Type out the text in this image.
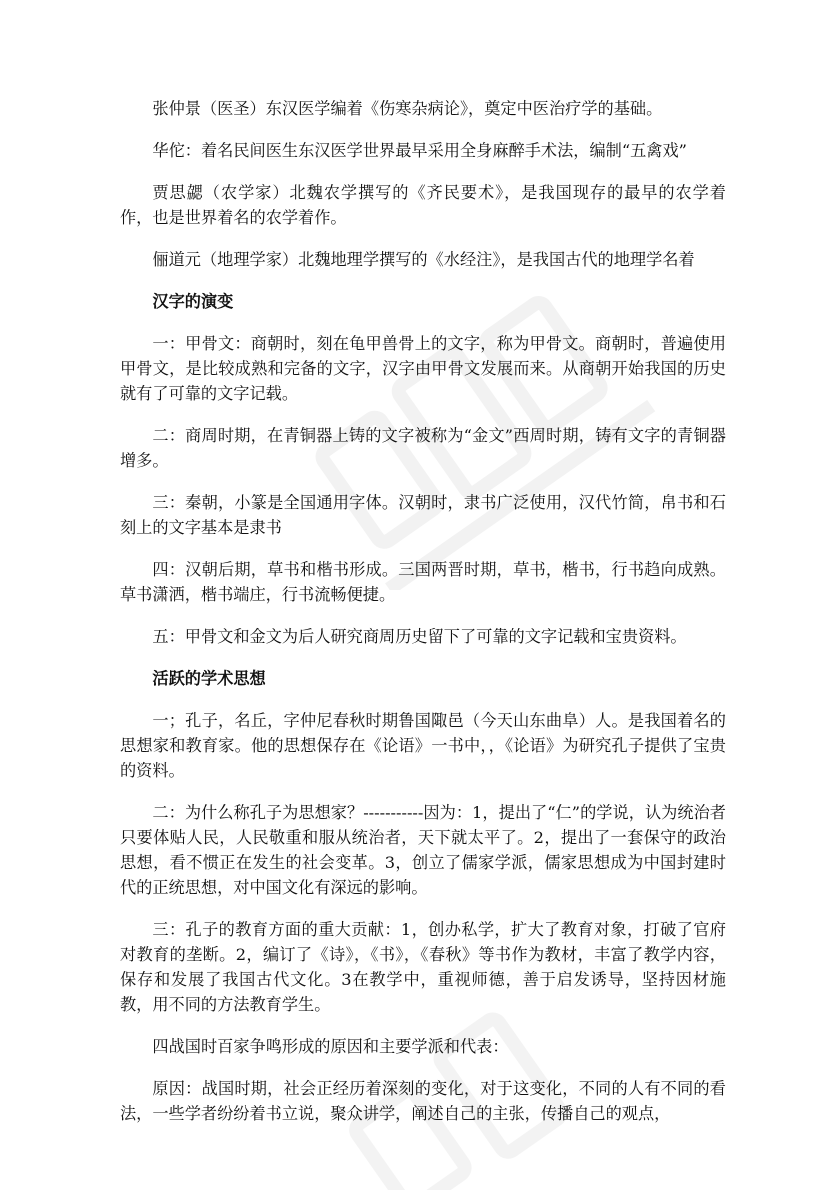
张仲景（医圣）东汉医学编着《伤寒杂病论》，奠定中医治疗学的基础。

华佗：着名民间医生东汉医学世界最早采用全身麻醉手术法，编制“五禽戏”

贾思勰（农学家）北魏农学撰写的《齐民要术》，是我国现存的最早的农学着作，也是世界着名的农学着作。

俪道元（地理学家）北魏地理学撰写的《水经注》，是我国古代的地理学名着

汉字的演变

一：甲骨文：商朝时，刻在龟甲兽骨上的文字，称为甲骨文。商朝时，普遍使用甲骨文，是比较成熟和完备的文字，汉字由甲骨文发展而来。从商朝开始我国的历史就有了可靠的文字记载。

二：商周时期，在青铜器上铸的文字被称为“金文”西周时期，铸有文字的青铜器增多。

三：秦朝，小篆是全国通用字体。汉朝时，隶书广泛使用，汉代竹简，帛书和石刻上的文字基本是隶书

四：汉朝后期，草书和楷书形成。三国两晋时期，草书，楷书，行书趋向成熟。草书潇洒，楷书端庄，行书流畅便捷。

五：甲骨文和金文为后人研究商周历史留下了可靠的文字记载和宝贵资料。

活跃的学术思想

一；孔子，名丘，字仲尼春秋时期鲁国陬邑（今天山东曲阜）人。是我国着名的思想家和教育家。他的思想保存在《论语》一书中，，《论语》为研究孔子提供了宝贵的资料。

二：为什么称孔子为思想家？-----------因为：1，提出了“仁”的学说，认为统治者只要体贴人民，人民敬重和服从统治者，天下就太平了。2，提出了一套保守的政治思想，看不惯正在发生的社会变革。3，创立了儒家学派，儒家思想成为中国封建时代的正统思想，对中国文化有深远的影响。

三：孔子的教育方面的重大贡献：1，创办私学，扩大了教育对象，打破了官府对教育的垄断。2，编订了《诗》，《书》，《春秋》等书作为教材，丰富了教学内容，保存和发展了我国古代文化。3在教学中，重视师德，善于启发诱导，坚持因材施教，用不同的方法教育学生。

四战国时百家争鸣形成的原因和主要学派和代表：

原因：战国时期，社会正经历着深刻的变化，对于这变化，不同的人有不同的看法，一些学者纷纷着书立说，聚众讲学，阐述自己的主张，传播自己的观点，
